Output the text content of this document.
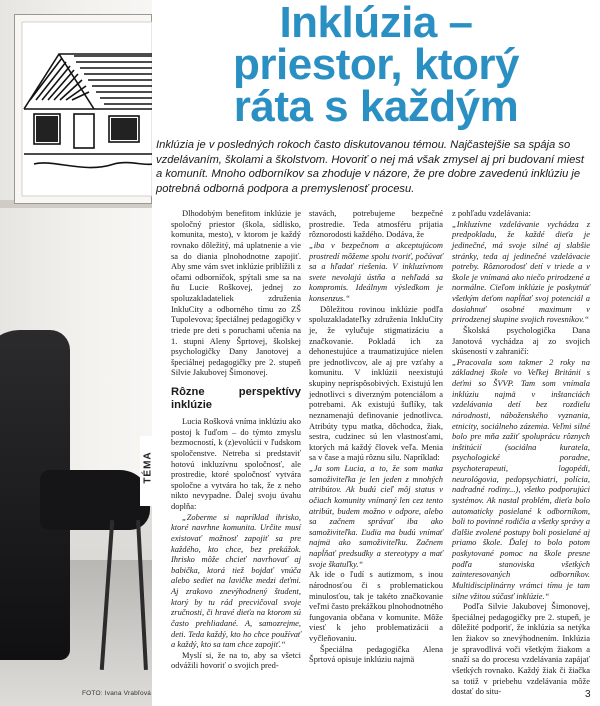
FOTO: Ivana Vrabľová
TÉMA
Inklúzia –
priestor, ktorý
ráta s každým

Inklúzia je v posledných rokoch často diskutovanou témou. Najčastejšie sa spája so vzdelávaním, školami a školstvom. Hovoriť o nej má však zmysel aj pri budovaní miest a komunít. Mnoho odborníkov sa zhoduje v názore, že pre dobre zavedenú inklúziu je potrebná odborná podpora a premyslenosť procesu.

Dlhodobým benefitom inklúzie je spoločný priestor (škola, sídlisko, komunita, mesto), v ktorom je každý rovnako dôležitý, má uplatnenie a vie sa do diania plnohodnotne zapojiť. Aby sme vám svet inklúzie priblížili z očami odborníčok, spýtali sme sa na ňu Lucie Roškovej, jednej zo spoluzakladateliek združenia InkluCity a odborného tímu zo ZŠ Tupolevova; špeciálnej pedagogičky v triede pre deti s poruchami učenia na 1. stupni Aleny Šprtovej, školskej psychologičky Dany Janotovej a špeciálnej pedagogičky pre 2. stupeň Silvie Jakubovej Šimonovej.

Rôzne perspektívy inklúzie

Lucia Rošková vníma inklúziu ako postoj k ľuďom – do týmto zmyslu bezmocností, k (z)evolúcii v ľudskom spoločenstve. Netreba si predstaviť hotovú inkluzívnu spoločnosť, ale prostredie, ktoré spoločnosť vytvára spoločne a vytvára ho tak, že z neho nikto nevypadne. Ďalej svoju úvahu doplňa:

„Zoberme si napríklad ihrisko, ktoré navrhne komunita. Určite musí existovať možnosť zapojiť sa pre každého, kto chce, bez prekážok. Ihrisko môže chcieť navrhovať aj babička, ktorá tiež bojdať vnúča alebo sediet na lavičke medzi deťmi. Aj zrakovo znevýhodnený študent, ktorý by tu rád precvičoval svoje zručnosti, či hravé dieťa na ktorom sú často prehliadané. A, samozrejme, deti. Teda každý, kto ho chce používať a každý, kto sa tam chce zapojiť.“

Myslí si, že na to, aby sa všetci odvážili hovoriť o svojich pred-

stavách, potrebujeme bezpečné prostredie. Teda atmosféru prijatia rôznorodosti každého. Dodáva, že

„iba v bezpečnom a akceptujúcom prostredí môžeme spolu tvoriť, počúvať sa a hľadať riešenia. V inkluzívnom svete nevolajú ústňa a nehľadá sa kompromis. Ideálnym výsledkom je konsenzus.“

Dôležitou rovinou inklúzie podľa spoluzakladateľky združenia InkluCity je, že vylučuje stigmatizáciu a značkovanie. Pokladá ich za dehonestujúce a traumatizujúce nielen pre jednotlivcov, ale aj pre vzťahy a komunitu. V inklúzii neexistujú skupiny nepríspôsobivých. Existujú len jednotlivci s diverzným potenciálom a potrebami. Ak existujú šuflíky, tak neznamenajú definovanie jednotlivca. Atribúty typu matka, dôchodca, žiak, sestra, cudzinec sú len vlastnosťami, ktorých má každý človek veľa. Menia sa v čase a majú rôznu silu. Napríklad:

„Ja som Lucia, a to, že som matka samoživiteľka je len jeden z mnohých atribútov. Ak budú cieľ môj status v očiach komunity vnímaný len cez tento atribút, budem možno v odpore, alebo sa začnem správať iba ako samoživiteľka. Ľudia ma budú vnímať najmä ako samoživiteľku. Začnem napĺňať predsudky a stereotypy a mať svoje škatuľky.“

Ak ide o ľudí s autizmom, s inou národnosťou či s problematickou minulosťou, tak je takéto značkovanie veľmi často prekážkou plnohodnotného fungovania občana v komunite. Môže viesť k jeho problematizácii a vyčleňovaniu.

Špeciálna pedagogička Alena Šprtová opisuje inklúziu najmä

z pohľadu vzdelávania:

„Inkluzívne vzdelávanie vychádza z predpokladu, že každé dieťa je jedinečné, má svoje silné aj slabšie stránky, teda aj jedinečné vzdelávacie potreby. Rôznorodosť detí v triede a v škole je vnímaná ako niečo prirodzené a normálne. Cieľom inklúzie je poskytnúť všetkým deťom napĺňať svoj potenciál a dosiahnuť osobné maximum v prirodzenej skupine svojich rovesníkov.“

Školská psychologička Dana Janotová vychádza aj zo svojich skúseností v zahraničí:

„Pracovala som takmer 2 roky na základnej škole vo Veľkej Británii s deťmi so ŠVVP. Tam som vnímala inklúziu najmä v inštanciách vzdelávania detí bez rozdielu národnosti, náboženského vyznania, etnicity, sociálneho zázemia. Veľmi silné bolo pre mňa zažiť spoluprácu rôznych inštitúcií (sociálna kuratela, psychologické poradne, psychoterapeuti, logopédi, neurológovia, pedopsychiatri, polícia, nadradné rodiny...), všetko podporujúci systémov. Ak nastal problém, dieťa bolo automaticky posielané k odborníkom, boli to povinné rodičia a všetky správy a ďalšie zvolené postupy boli posielané aj priamo škole. Ďalej to bolo potom poskytované pomoc na škole presne podľa stanoviska všetkých zainteresovaných odborníkov. Multidisciplinárny vrámci tímu je tam silne vžitou súčasť inklúzie.“

Podľa Silvie Jakubovej Šimonovej, špeciálnej pedagogičky pre 2. stupeň, je dôležité podporiť, že inklúzia sa netýka len žiakov so znevýhodnením. Inklúzia je spravodlivá voči všetkým žiakom a snaží sa do procesu vzdelávania zapájať všetkých rovnako. Každý žiak či žiačka sa totiž v priebehu vzdelávania môže dostať do situ-	3
